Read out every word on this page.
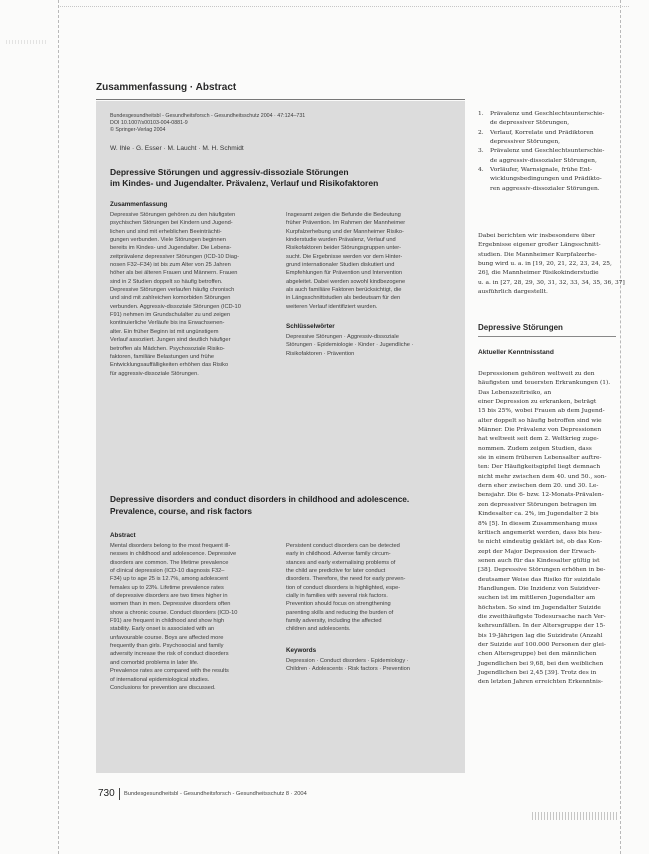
Zusammenfassung · Abstract
Bundesgesundheitsbl - Gesundheitsforsch - Gesundheitsschutz 2004 · 47:124–731
DOI 10.1007/s00103-004-0881-9
© Springer-Verlag 2004
W. Ihle · G. Esser · M. Laucht · M. H. Schmidt
Depressive Störungen und aggressiv-dissoziale Störungen
im Kindes- und Jugendalter. Prävalenz, Verlauf und Risikofaktoren
Zusammenfassung
Depressive Störungen gehören zu den häufigsten
psychischen Störungen bei Kindern und Jugend-
lichen und sind mit erheblichen Beeinträchti-
gungen verbunden. Viele Störungen beginnen
bereits im Kindes- und Jugendalter. Die Lebens-
zeitprävalenz depressiver Störungen (ICD-10 Diag-
nosen F32–F34) ist bis zum Alter von 25 Jahren
höher als bei älteren Frauen und Männern. Frauen
sind in 2 Studien doppelt so häufig betroffen.
Depressive Störungen verlaufen häufig chronisch
und sind mit zahlreichen komorbiden Störungen
verbunden. Aggressiv-dissoziale Störungen (ICD-10
F91) nehmen im Grundschulalter zu und zeigen
kontinuierliche Verläufe bis ins Erwachsenen-
alter. Ein früher Beginn ist mit ungünstigem
Verlauf assoziiert. Jungen sind deutlich häufiger
betroffen als Mädchen. Psychosoziale Risiko-
faktoren, familiäre Belastungen und frühe
Entwicklungsauffälligkeiten erhöhen das Risiko
für aggressiv-dissoziale Störungen.
Insgesamt zeigen die Befunde die Bedeutung
früher Prävention. Im Rahmen der Mannheimer
Kurpfalzerhebung und der Mannheimer Risiko-
kinderstudie wurden Prävalenz, Verlauf und
Risikofaktoren beider Störungsgruppen unter-
sucht. Die Ergebnisse werden vor dem Hinter-
grund internationaler Studien diskutiert und
Empfehlungen für Prävention und Intervention
abgeleitet. Dabei werden sowohl kindbezogene
als auch familiäre Faktoren berücksichtigt, die
in Längsschnittstudien als bedeutsam für den
weiteren Verlauf identifiziert wurden.
Schlüsselwörter
Depressive Störungen · Aggressiv-dissoziale
Störungen · Epidemiologie · Kinder · Jugendliche ·
Risikofaktoren · Prävention
Depressive disorders and conduct disorders in childhood and adolescence.
Prevalence, course, and risk factors
Abstract
Mental disorders belong to the most frequent ill-
nesses in childhood and adolescence. Depressive
disorders are common. The lifetime prevalence
of clinical depression (ICD-10 diagnosis F32–
F34) up to age 25 is 12.7%, among adolescent
females up to 23%. Lifetime prevalence rates
of depressive disorders are two times higher in
women than in men. Depressive disorders often
show a chronic course. Conduct disorders (ICD-10
F91) are frequent in childhood and show high
stability. Early onset is associated with an
unfavourable course. Boys are affected more
frequently than girls. Psychosocial and family
adversity increase the risk of conduct disorders
and comorbid problems in later life.
Prevalence rates are compared with the results
of international epidemiological studies.
Conclusions for prevention are discussed.
Persistent conduct disorders can be detected
early in childhood. Adverse family circum-
stances and early externalising problems of
the child are predictive for later conduct
disorders. Therefore, the need for early preven-
tion of conduct disorders is highlighted, espe-
cially in families with several risk factors.
Prevention should focus on strengthening
parenting skills and reducing the burden of
family adversity, including the affected
children and adolescents.
Keywords
Depression · Conduct disorders · Epidemiology ·
Children · Adolescents · Risk factors · Prevention
1. Prävalenz und Geschlechtsunterschie-
de depressiver Störungen,
2. Verlauf, Korrelate und Prädiktoren
depressiver Störungen,
3. Prävalenz und Geschlechtsunterschie-
de aggressiv-dissozialer Störungen,
4. Vorläufer, Warnsignale, frühe Ent-
wicklungsbedingungen und Prädikto-
ren aggressiv-dissozialer Störungen.
Dabei berichten wir insbesondere über
Ergebnisse eigener großer Längsschnitt-
studien. Die Mannheimer Kurpfalzerhe-
bung wird u. a. in [19, 20, 21, 22, 23, 24, 25,
26], die Mannheimer Risikokinderstudie
u. a. in [27, 28, 29, 30, 31, 32, 33, 34, 35, 36, 37]
ausführlich dargestellt.
Depressive Störungen
Aktueller Kenntnisstand
Depressionen gehören weltweit zu den
häufigsten und teuersten Erkrankungen (1).
Das Lebenszeitrisiko, an
einer Depression zu erkranken, beträgt
15 bis 25%, wobei Frauen ab dem Jugend-
alter doppelt so häufig betroffen sind wie
Männer. Die Prävalenz von Depressionen
hat weltweit seit dem 2. Weltkrieg zuge-
nommen. Zudem zeigen Studien, dass
sie in einem früheren Lebensalter auftre-
ten: Der Häufigkeitsgipfel liegt demnach
nicht mehr zwischen dem 40. und 50., son-
dern eher zwischen dem 20. und 30. Le-
bensjahr. Die 6- bzw. 12-Monats-Prävalen-
zen depressiver Störungen betragen im
Kindesalter ca. 2%, im Jugendalter 2 bis
8% [5]. In diesem Zusammenhang muss
kritisch angemerkt werden, dass bis heu-
te nicht eindeutig geklärt ist, ob das Kon-
zept der Major Depression der Erwach-
senen auch für das Kindesalter gültig ist
[38]. Depressive Störungen erhöhen in be-
deutsamer Weise das Risiko für suizidale
Handlungen. Die Inzidenz von Suizidver-
suchen ist im mittleren Jugendalter am
höchsten. So sind im Jugendalter Suizide
die zweithäufigste Todesursache nach Ver-
kehrsunfällen. In der Altersgruppe der 15-
bis 19-Jährigen lag die Suizidrate (Anzahl
der Suizide auf 100.000 Personen der glei-
chen Altersgruppe) bei den männlichen
Jugendlichen bei 9,68, bei den weiblichen
Jugendlichen bei 2,45 [39]. Trotz des in
den letzten Jahren erreichten Erkenntnis-
730 Bundesgesundheitsbl - Gesundheitsforsch - Gesundheitsschutz 8 · 2004
